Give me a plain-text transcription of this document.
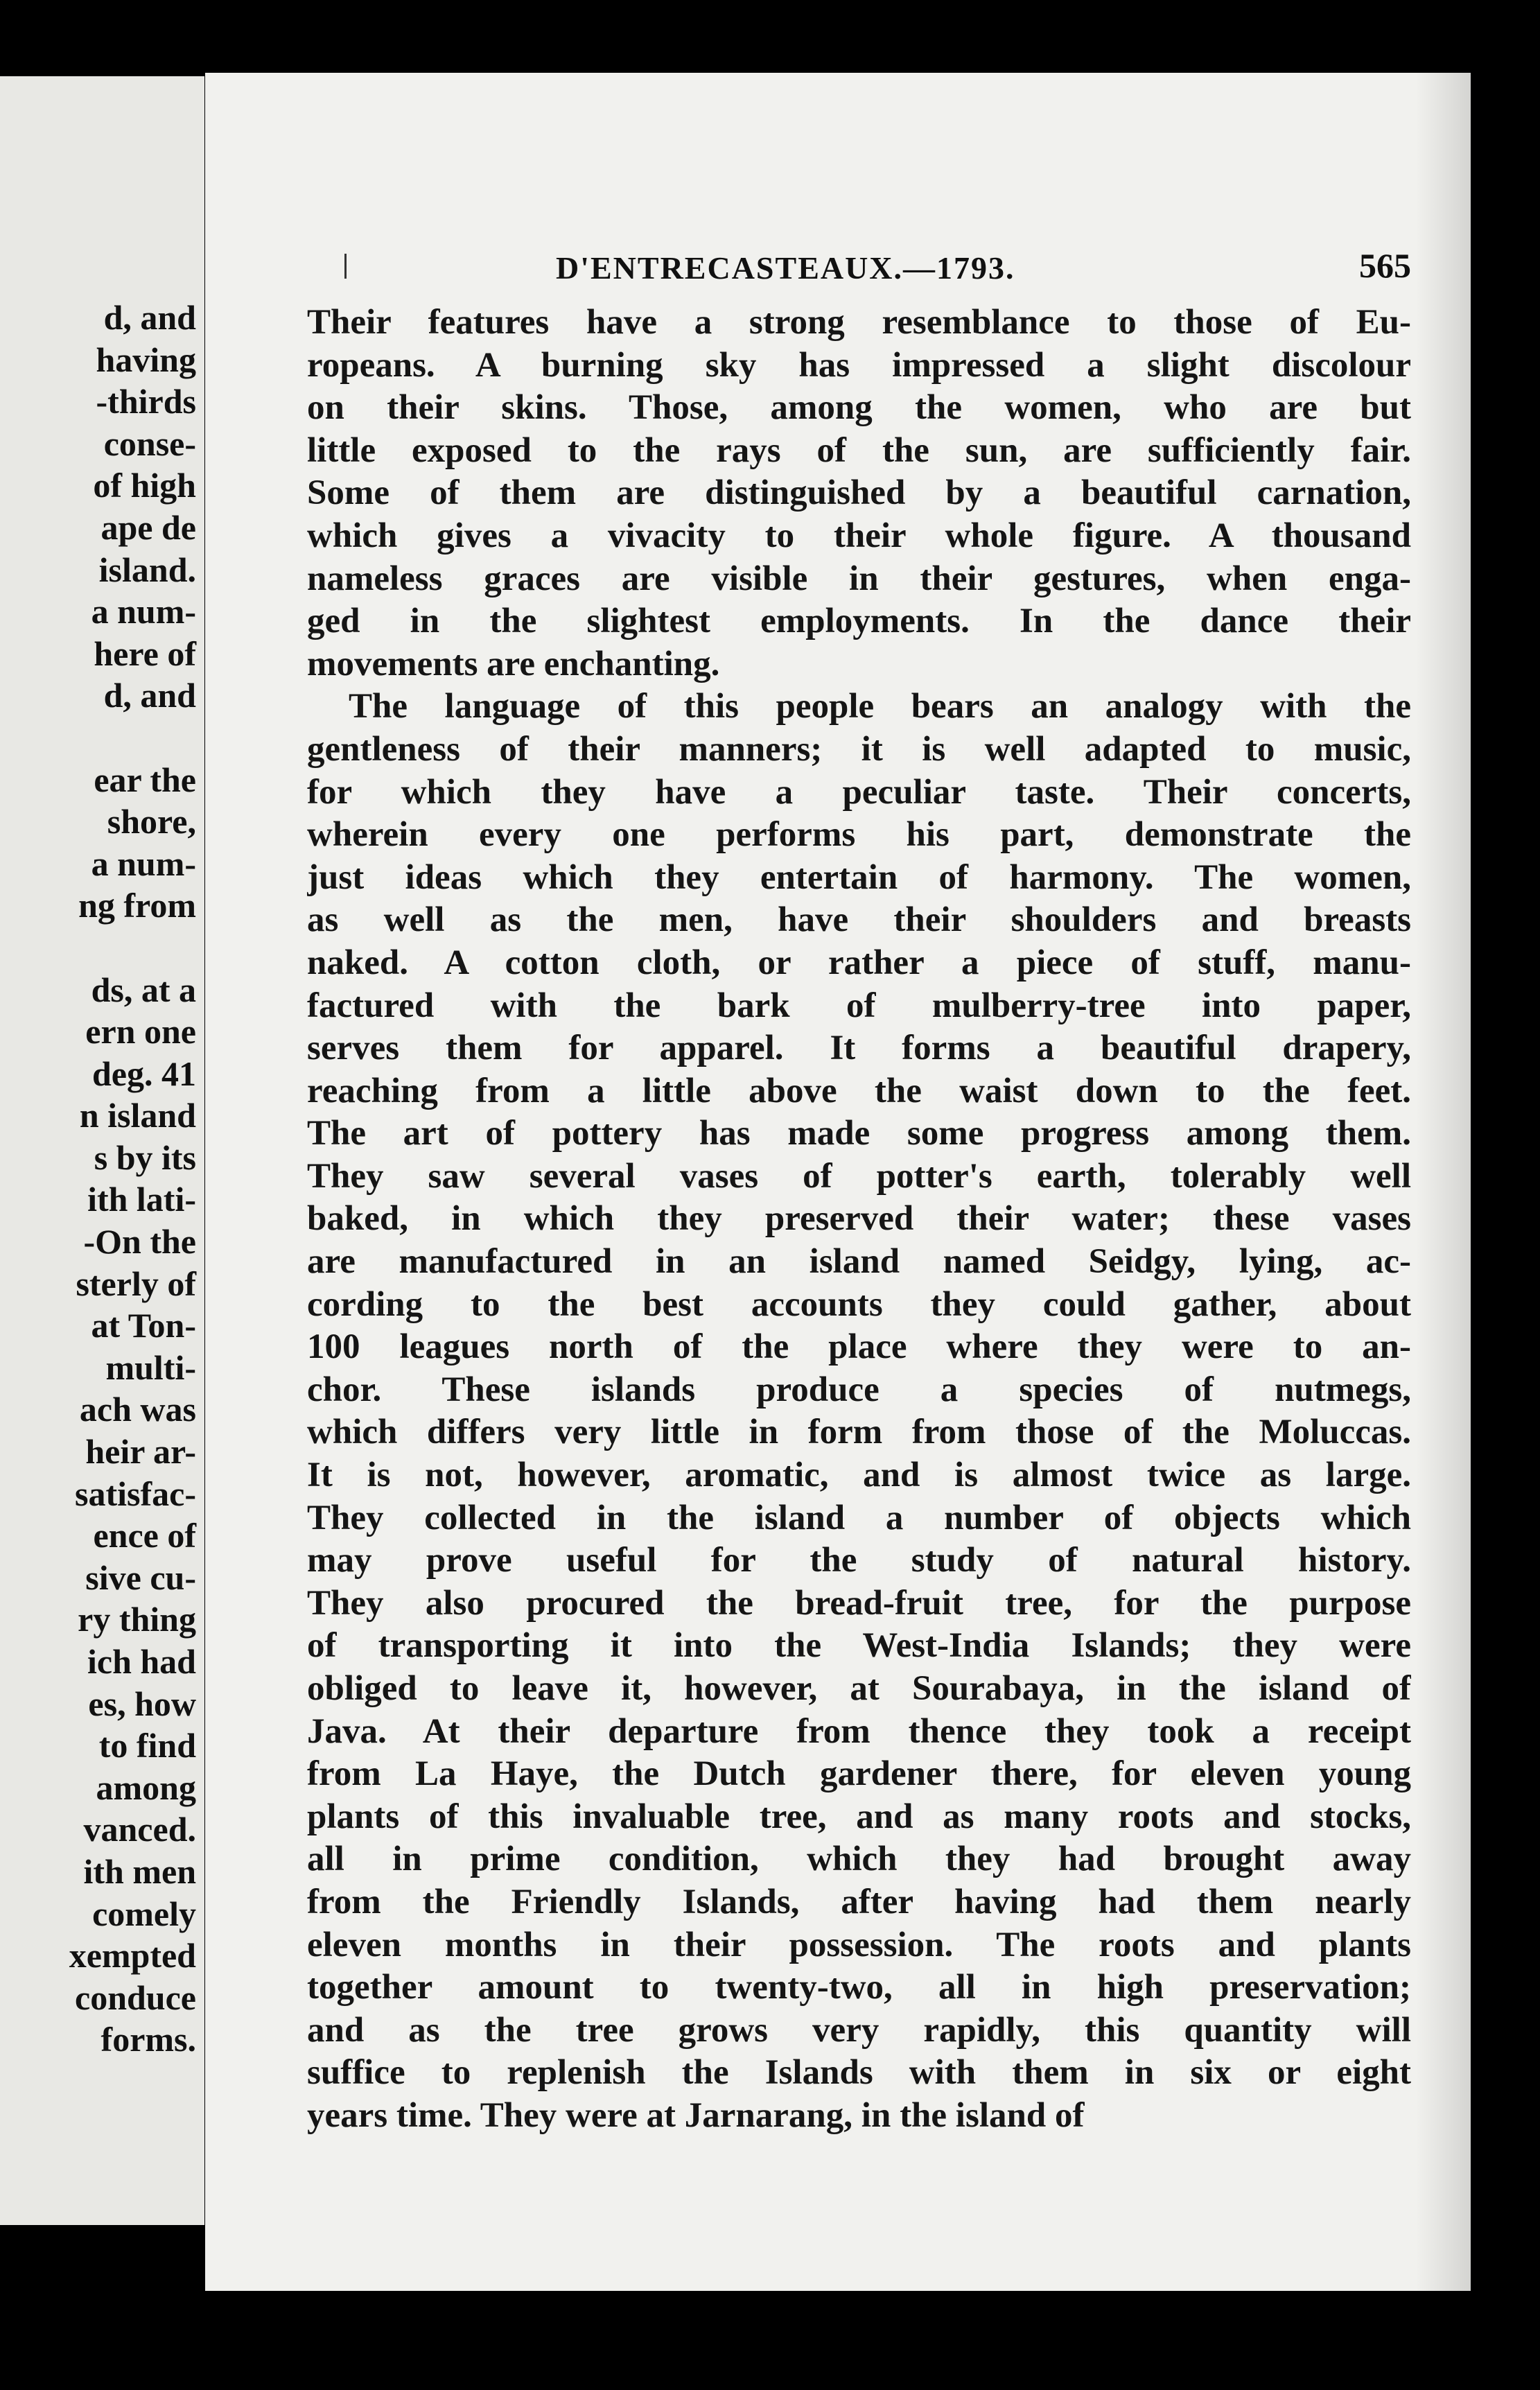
d, and
having
-thirds
conse-
of high
ape de
island.
a num-
here of
d, and
ear the
shore,
a num-
ng from
ds, at a
ern one
deg. 41
n island
s by its
ith lati-
-On the
sterly of
at Ton-
multi-
ach was
heir ar-
satisfac-
ence of
sive cu-
ry thing
ich had
es, how
to find
among
vanced.
ith men
comely
xempted
conduce
forms.
D'ENTRECASTEAUX.—1793.	565
Their features have a strong resemblance to those of Eu-
ropeans. A burning sky has impressed a slight discolour
on their skins. Those, among the women, who are but
little exposed to the rays of the sun, are sufficiently fair.
Some of them are distinguished by a beautiful carnation,
which gives a vivacity to their whole figure. A thousand
nameless graces are visible in their gestures, when enga-
ged in the slightest employments. In the dance their
movements are enchanting.
The language of this people bears an analogy with the
gentleness of their manners; it is well adapted to music,
for which they have a peculiar taste. Their concerts,
wherein every one performs his part, demonstrate the
just ideas which they entertain of harmony. The women,
as well as the men, have their shoulders and breasts
naked. A cotton cloth, or rather a piece of stuff, manu-
factured with the bark of mulberry-tree into paper,
serves them for apparel. It forms a beautiful drapery,
reaching from a little above the waist down to the feet.
The art of pottery has made some progress among them.
They saw several vases of potter's earth, tolerably well
baked, in which they preserved their water; these vases
are manufactured in an island named Seidgy, lying, ac-
cording to the best accounts they could gather, about
100 leagues north of the place where they were to an-
chor. These islands produce a species of nutmegs,
which differs very little in form from those of the Moluccas.
It is not, however, aromatic, and is almost twice as large.
They collected in the island a number of objects which
may prove useful for the study of natural history.
They also procured the bread-fruit tree, for the purpose
of transporting it into the West-India Islands; they were
obliged to leave it, however, at Sourabaya, in the island of
Java. At their departure from thence they took a receipt
from La Haye, the Dutch gardener there, for eleven young
plants of this invaluable tree, and as many roots and stocks,
all in prime condition, which they had brought away
from the Friendly Islands, after having had them nearly
eleven months in their possession. The roots and plants
together amount to twenty-two, all in high preservation;
and as the tree grows very rapidly, this quantity will
suffice to replenish the Islands with them in six or eight
years time. They were at Jarnarang, in the island of
